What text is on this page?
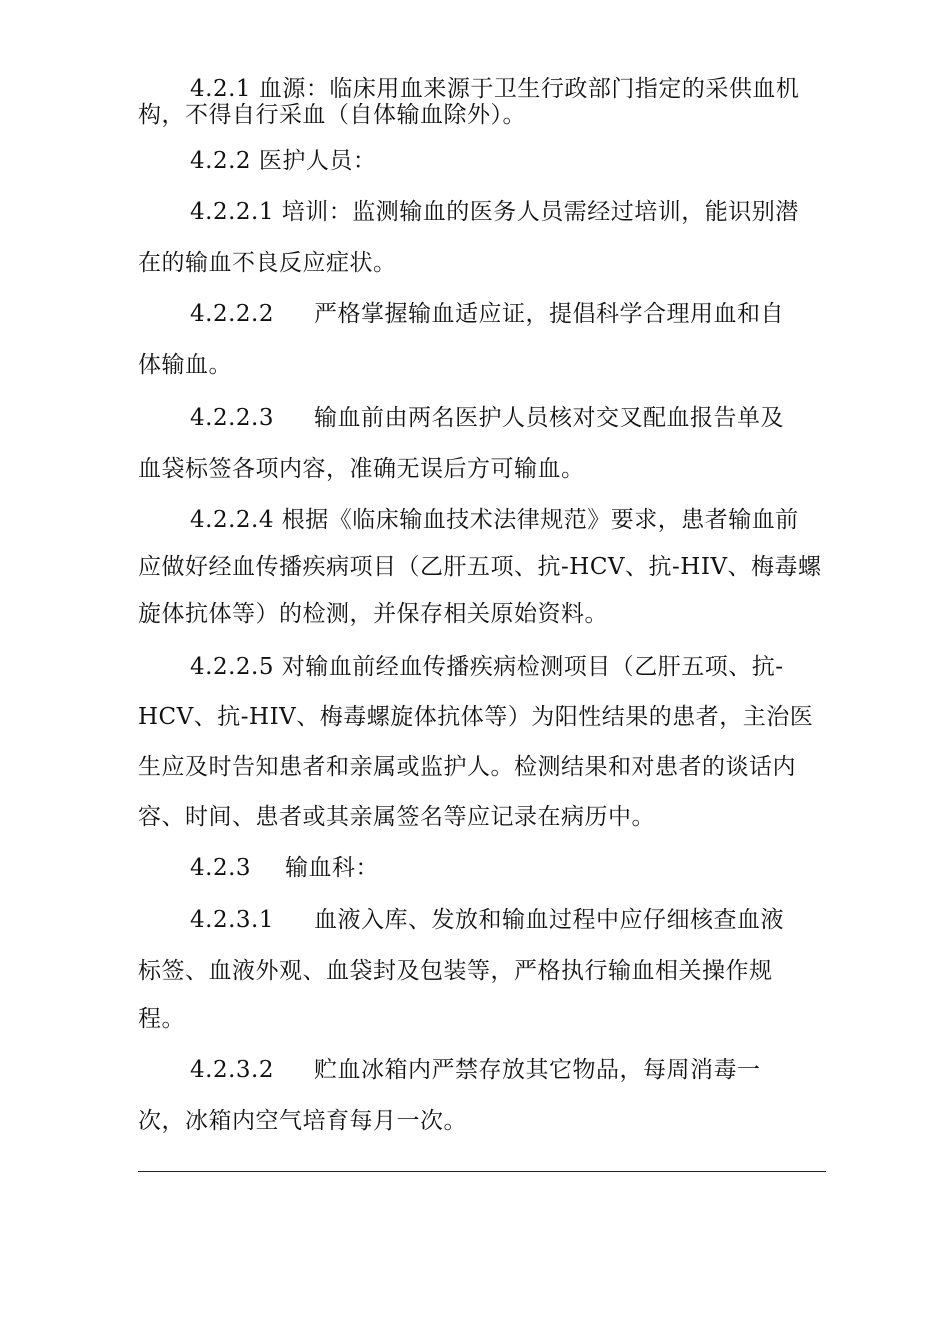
4.2.1 血源：临床用血来源于卫生行政部门指定的采供血机
构，不得自行采血（自体输血除外）。
4.2.2 医护人员：
4.2.2.1 培训：监测输血的医务人员需经过培训，能识别潜
在的输血不良反应症状。
4.2.2.2 严格掌握输血适应证，提倡科学合理用血和自
体输血。
4.2.2.3 输血前由两名医护人员核对交叉配血报告单及
血袋标签各项内容，准确无误后方可输血。
4.2.2.4 根据《临床输血技术法律规范》要求，患者输血前
应做好经血传播疾病项目（乙肝五项、抗-HCV、抗-HIV、梅毒螺
旋体抗体等）的检测，并保存相关原始资料。
4.2.2.5 对输血前经血传播疾病检测项目（乙肝五项、抗-
HCV、抗-HIV、梅毒螺旋体抗体等）为阳性结果的患者，主治医
生应及时告知患者和亲属或监护人。检测结果和对患者的谈话内
容、时间、患者或其亲属签名等应记录在病历中。
4.2.3 输血科：
4.2.3.1 血液入库、发放和输血过程中应仔细核查血液
标签、血液外观、血袋封及包装等，严格执行输血相关操作规
程。
4.2.3.2 贮血冰箱内严禁存放其它物品，每周消毒一
次，冰箱内空气培育每月一次。
